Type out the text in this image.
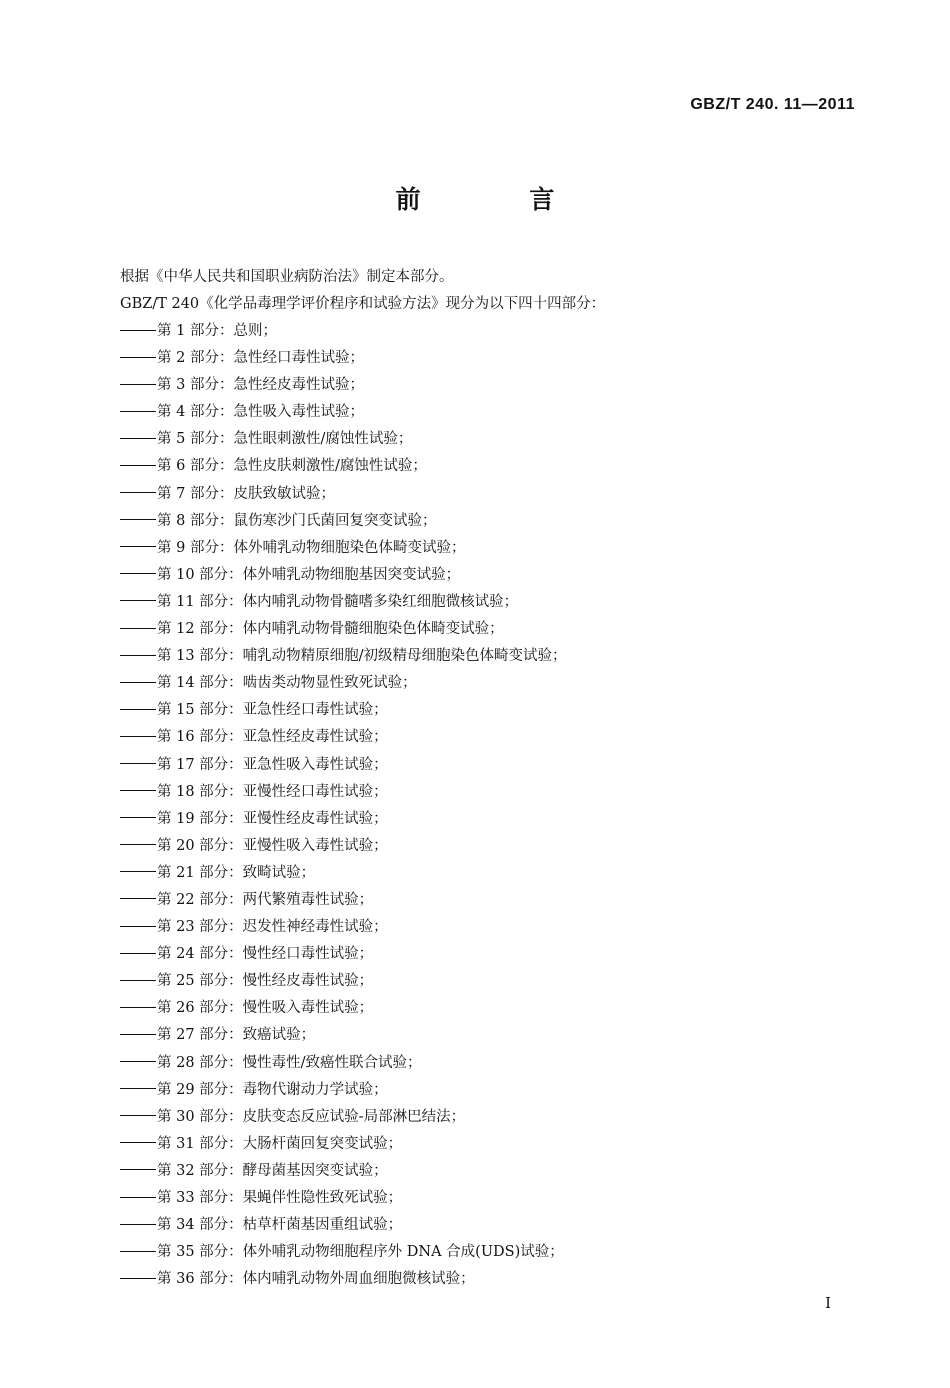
GBZ/T 240. 11—2011
前 言
根据《中华人民共和国职业病防治法》制定本部分。
GBZ/T 240《化学品毒理学评价程序和试验方法》现分为以下四十四部分：
第 1 部分：总则；
第 2 部分：急性经口毒性试验；
第 3 部分：急性经皮毒性试验；
第 4 部分：急性吸入毒性试验；
第 5 部分：急性眼刺激性/腐蚀性试验；
第 6 部分：急性皮肤刺激性/腐蚀性试验；
第 7 部分：皮肤致敏试验；
第 8 部分：鼠伤寒沙门氏菌回复突变试验；
第 9 部分：体外哺乳动物细胞染色体畸变试验；
第 10 部分：体外哺乳动物细胞基因突变试验；
第 11 部分：体内哺乳动物骨髓嗜多染红细胞微核试验；
第 12 部分：体内哺乳动物骨髓细胞染色体畸变试验；
第 13 部分：哺乳动物精原细胞/初级精母细胞染色体畸变试验；
第 14 部分：啮齿类动物显性致死试验；
第 15 部分：亚急性经口毒性试验；
第 16 部分：亚急性经皮毒性试验；
第 17 部分：亚急性吸入毒性试验；
第 18 部分：亚慢性经口毒性试验；
第 19 部分：亚慢性经皮毒性试验；
第 20 部分：亚慢性吸入毒性试验；
第 21 部分：致畸试验；
第 22 部分：两代繁殖毒性试验；
第 23 部分：迟发性神经毒性试验；
第 24 部分：慢性经口毒性试验；
第 25 部分：慢性经皮毒性试验；
第 26 部分：慢性吸入毒性试验；
第 27 部分：致癌试验；
第 28 部分：慢性毒性/致癌性联合试验；
第 29 部分：毒物代谢动力学试验；
第 30 部分：皮肤变态反应试验-局部淋巴结法；
第 31 部分：大肠杆菌回复突变试验；
第 32 部分：酵母菌基因突变试验；
第 33 部分：果蝇伴性隐性致死试验；
第 34 部分：枯草杆菌基因重组试验；
第 35 部分：体外哺乳动物细胞程序外 DNA 合成(UDS)试验；
第 36 部分：体内哺乳动物外周血细胞微核试验；
I
